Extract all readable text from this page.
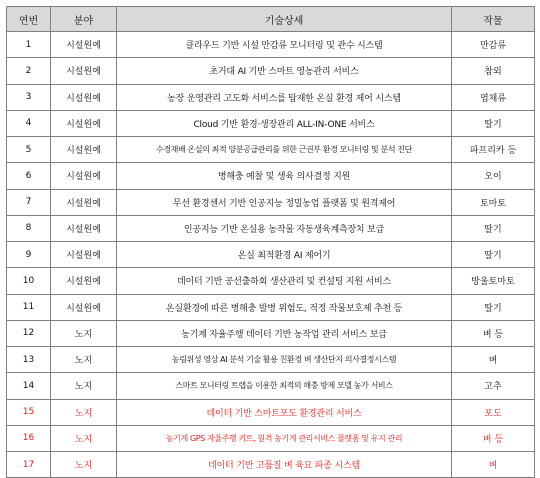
연번	분야	기술상세	작물
1	시설원예	클라우드 기반 시설 만감류 모니터링 및 관수 시스템	만감류
2	시설원예	초거대 AI 기반 스마트 영농관리 서비스	참외
3	시설원예	농장 운영관리 고도화 서비스를 탑재한 온실 환경 제어 시스템	엽채류
4	시설원예	Cloud 기반 환경·생장관리 ALL-IN-ONE 서비스	딸기
5	시설원예	수경재배 온실의 최적 양분공급관리를 위한 근권부 환경 모니터링 및 분석 진단	파프리카 등
6	시설원예	병해충 예찰 및 생육 의사결정 지원	오이
7	시설원예	무선 환경센서 기반 인공지능 정밀농업 플랫폼 및 원격제어	토마토
8	시설원예	인공지능 기반 온실용 농작물 자동생육계측장치 보급	딸기
9	시설원예	온실 최적환경 AI 제어기	딸기
10	시설원예	데이터 기반 공선출하회 생산관리 및 컨설팅 지원 서비스	방울토마토
11	시설원예	온실환경에 따른 병해충 발병 위험도, 적정 작물보호제 추천 등	딸기
12	노지	농기계 자율주행 데이터 기반 농작업 관리 서비스 보급	벼 등
13	노지	농림위성 영상 AI 분석 기술 활용 친환경 벼 생산단지 의사결정시스템	벼
14	노지	스마트 모니터링 트랩을 이용한 최적의 해충 방제 모델 농가 서비스	고추
15	노지	데이터 기반 스마트포도 환경관리 서비스	포도
16	노지	농기계 GPS 자율주행 키트, 원격 농기계 관리서비스 플랫폼 및 유지 관리	벼 등
17	노지	데이터 기반 고품질 벼 육묘 파종 시스템	벼
